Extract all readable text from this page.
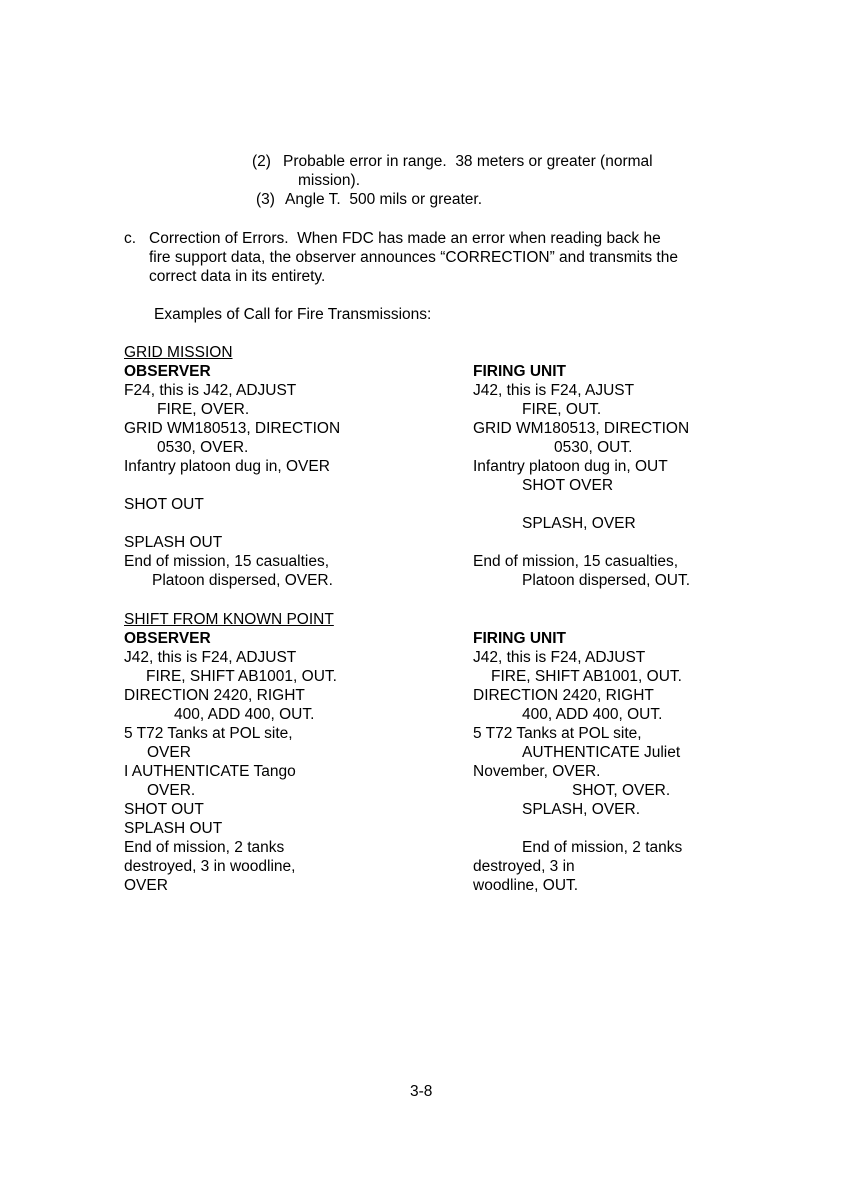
(2) Probable error in range.  38 meters or greater (normal
mission).
(3) Angle T.  500 mils or greater.
c. Correction of Errors.  When FDC has made an error when reading back he
fire support data, the observer announces “CORRECTION” and transmits the
correct data in its entirety.
Examples of Call for Fire Transmissions:
GRID MISSION
OBSERVER	FIRING UNIT
F24, this is J42, ADJUST
FIRE, OVER.
GRID WM180513, DIRECTION
0530, OVER.
Infantry platoon dug in, OVER
SHOT OUT
SPLASH OUT
End of mission, 15 casualties,
Platoon dispersed, OVER.
J42, this is F24, AJUST
FIRE, OUT.
GRID WM180513, DIRECTION
0530, OUT.
Infantry platoon dug in, OUT
SHOT OVER
SPLASH, OVER
End of mission, 15 casualties,
Platoon dispersed, OUT.
SHIFT FROM KNOWN POINT
OBSERVER	FIRING UNIT
J42, this is F24, ADJUST
FIRE, SHIFT AB1001, OUT.
DIRECTION 2420, RIGHT
400, ADD 400, OUT.
5 T72 Tanks at POL site,
OVER
I AUTHENTICATE Tango
OVER.
SHOT OUT
SPLASH OUT
End of mission, 2 tanks
destroyed, 3 in woodline,
OVER
J42, this is F24, ADJUST
FIRE, SHIFT AB1001, OUT.
DIRECTION 2420, RIGHT
400, ADD 400, OUT.
5 T72 Tanks at POL site,
AUTHENTICATE Juliet
November, OVER.
SHOT, OVER.
SPLASH, OVER.
End of mission, 2 tanks
destroyed, 3 in
woodline, OUT.
3-8
